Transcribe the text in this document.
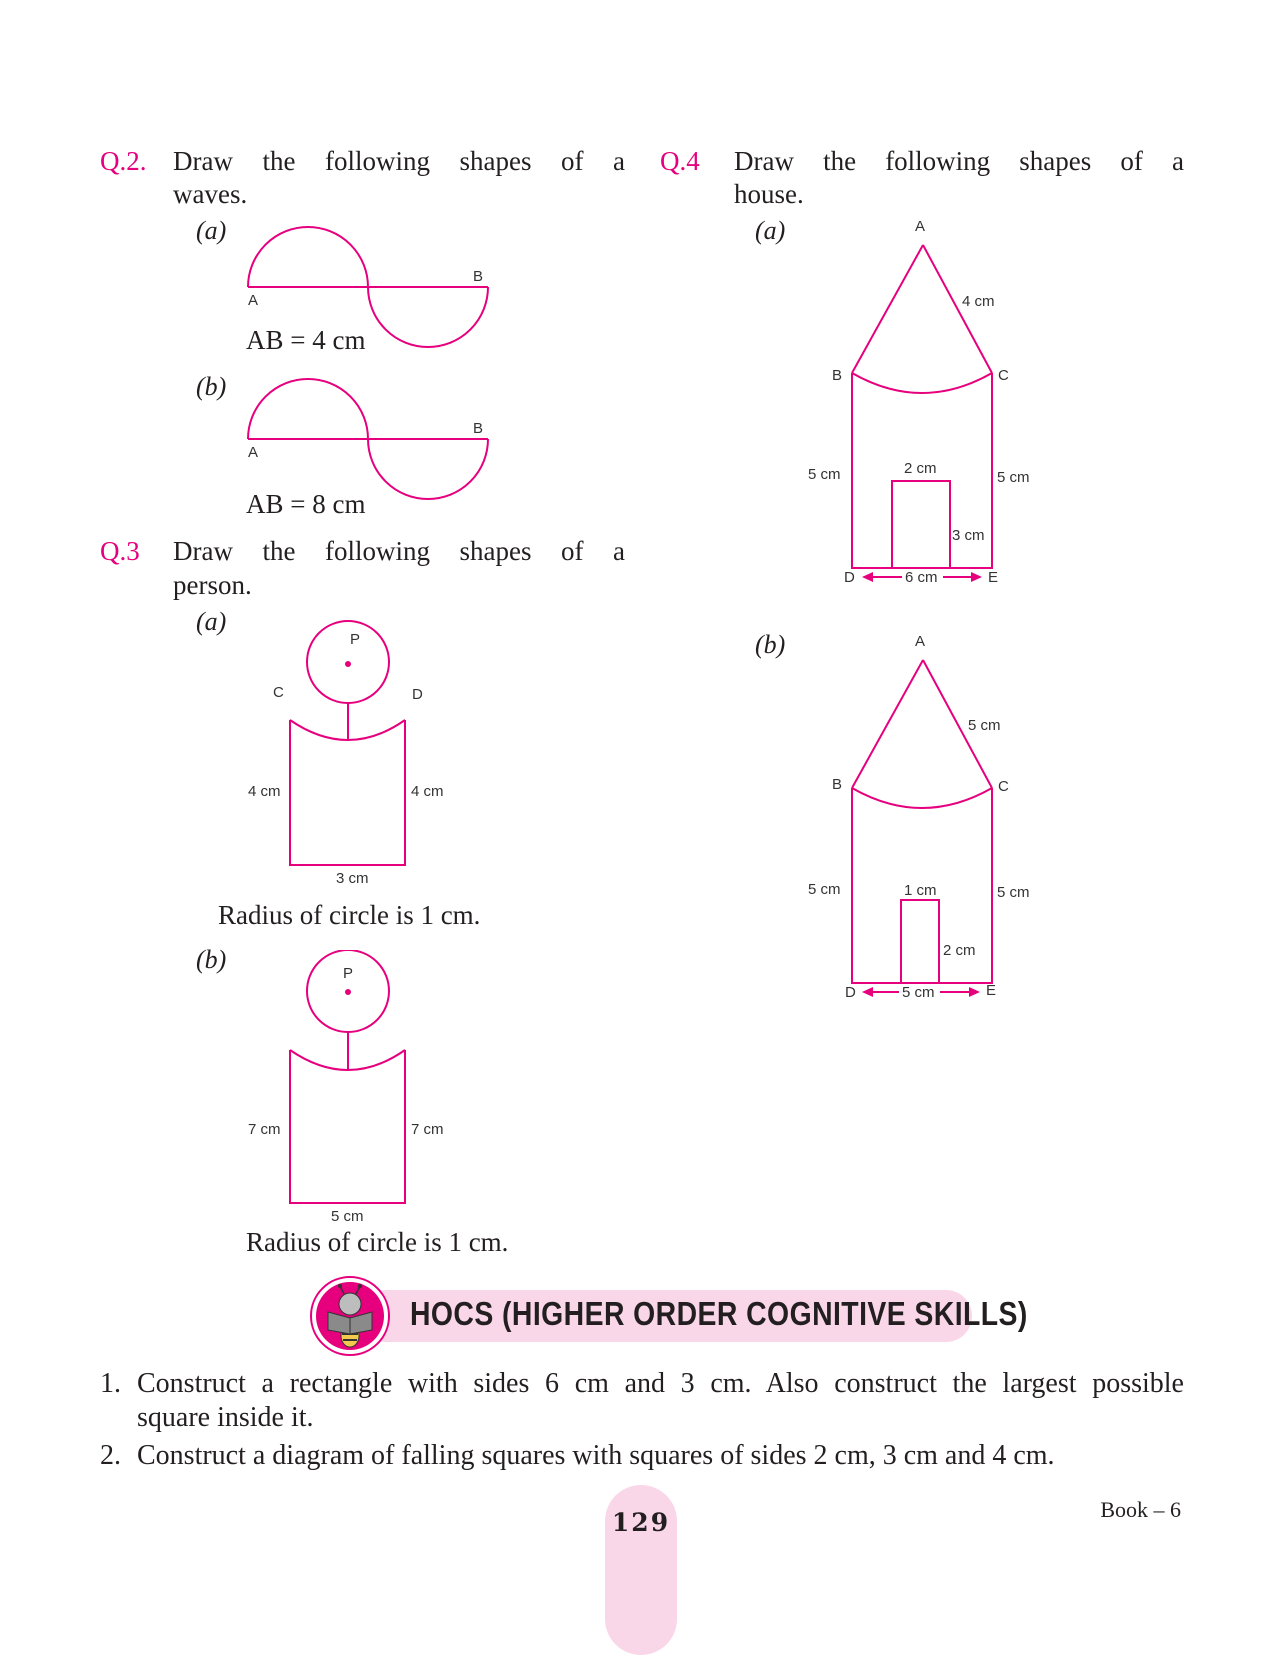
Q.2. Draw the following shapes of a
waves.
(a)
A
B
AB = 4 cm
(b)
A
B
AB = 8 cm
Q.3 Draw the following shapes of a
person.
(a)
P
C	D
4 cm	4 cm
3 cm
Radius of circle is 1 cm.
(b)	P
7 cm	7 cm
5 cm
Radius of circle is 1 cm.
Q.4 Draw the following shapes of a
house.
(a)	A
B	C
4 cm
5 cm	5 cm
2 cm
3 cm
D	E
6 cm
(b)	A
B	C
5 cm
5 cm	5 cm
1 cm
2 cm
D	E
5 cm
HOCS (HIGHER ORDER COGNITIVE SKILLS)
1. Construct a rectangle with sides 6 cm and 3 cm. Also construct the largest possible
square inside it.
2. Construct a diagram of falling squares with squares of sides 2 cm, 3 cm and 4 cm.
129	Book – 6
